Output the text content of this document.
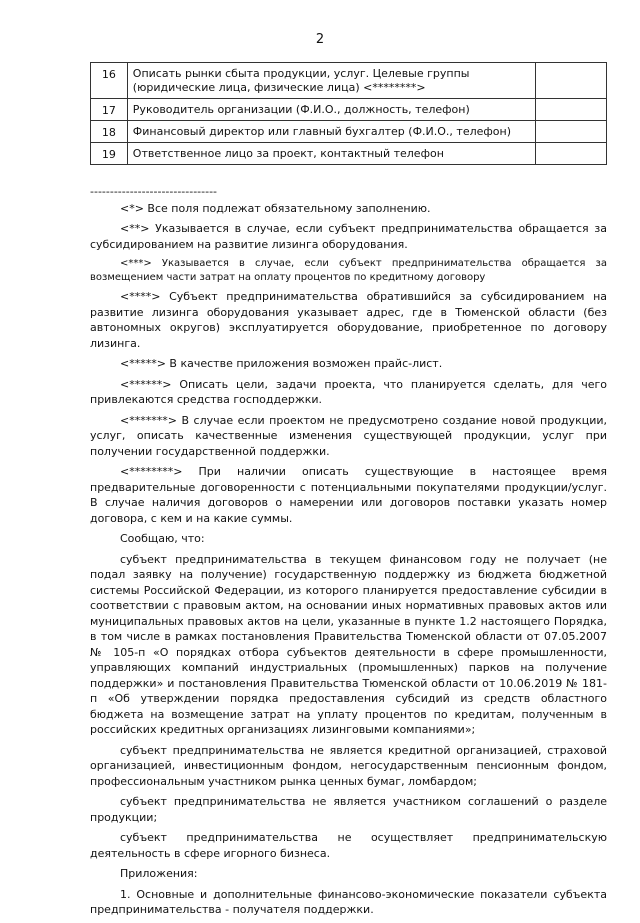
2
16	Описать рынки сбыта продукции, услуг. Целевые группы (юридические лица, физические лица) <********>	
17	Руководитель организации (Ф.И.О., должность, телефон)	
18	Финансовый директор или главный бухгалтер (Ф.И.О., телефон)	
19	Ответственное лицо за проект, контактный телефон	

--------------------------------

<*> Все поля подлежат обязательному заполнению.

<**> Указывается в случае, если субъект предпринимательства обращается за субсидированием на развитие лизинга оборудования.

<***> Указывается в случае, если субъект предпринимательства обращается за возмещением части затрат на оплату процентов по кредитному договору

<****> Субъект предпринимательства обратившийся за субсидированием на развитие лизинга оборудования указывает адрес, где в Тюменской области (без автономных округов) эксплуатируется оборудование, приобретенное по договору лизинга.

<*****> В качестве приложения возможен прайс-лист.

<******> Описать цели, задачи проекта, что планируется сделать, для чего привлекаются средства господдержки.

<*******> В случае если проектом не предусмотрено создание новой продукции, услуг, описать качественные изменения существующей продукции, услуг при получении государственной поддержки.

<********> При наличии описать существующие в настоящее время предварительные договоренности с потенциальными покупателями продукции/услуг. В случае наличия договоров о намерении или договоров поставки указать номер договора, с кем и на какие суммы.

Сообщаю, что:

субъект предпринимательства в текущем финансовом году не получает (не подал заявку на получение) государственную поддержку из бюджета бюджетной системы Российской Федерации, из которого планируется предоставление субсидии в соответствии с правовым актом, на основании иных нормативных правовых актов или муниципальных правовых актов на цели, указанные в пункте 1.2 настоящего Порядка, в том числе в рамках постановления Правительства Тюменской области от 07.05.2007 № 105-п «О порядках отбора субъектов деятельности в сфере промышленности, управляющих компаний индустриальных (промышленных) парков на получение поддержки» и постановления Правительства Тюменской области от 10.06.2019 № 181-п «Об утверждении порядка предоставления субсидий из средств областного бюджета на возмещение затрат на уплату процентов по кредитам, полученным в российских кредитных организациях лизинговыми компаниями»;

субъект предпринимательства не является кредитной организацией, страховой организацией, инвестиционным фондом, негосударственным пенсионным фондом, профессиональным участником рынка ценных бумаг, ломбардом;

субъект предпринимательства не является участником соглашений о разделе продукции;

субъект предпринимательства не осуществляет предпринимательскую деятельность в сфере игорного бизнеса.

Приложения:

1. Основные и дополнительные финансово-экономические показатели субъекта предпринимательства - получателя поддержки.
